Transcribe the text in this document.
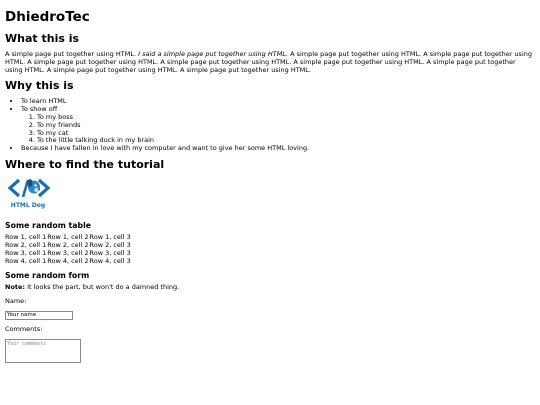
DhiedroTec
What this is

A simple page put together using HTML. I said a simple page put together using HTML. A simple page put together using HTML. A simple page put together using HTML. A simple page put together using HTML. A simple page put together using HTML. A simple page put together using HTML. A simple page put together using HTML. A simple page put together using HTML. A simple page put together using HTML.

Why this is
• To learn HTML
• To show off
1. To my boss
2. To my friends
3. To my cat
4. To the little talking duck in my brain
• Because I have fallen in love with my computer and want to give her some HTML loving.
Where to find the tutorial
HTML Dog
Some random table
Row 1, cell 1	Row 1, cell 2	Row 1, cell 3
Row 2, cell 1	Row 2, cell 2	Row 2, cell 3
Row 3, cell 1	Row 3, cell 2	Row 3, cell 3
Row 4, cell 1	Row 4, cell 2	Row 4, cell 3
Some random form

Note: It looks the part, but won't do a damned thing.

Name:
Your name
Comments:
Your comments
